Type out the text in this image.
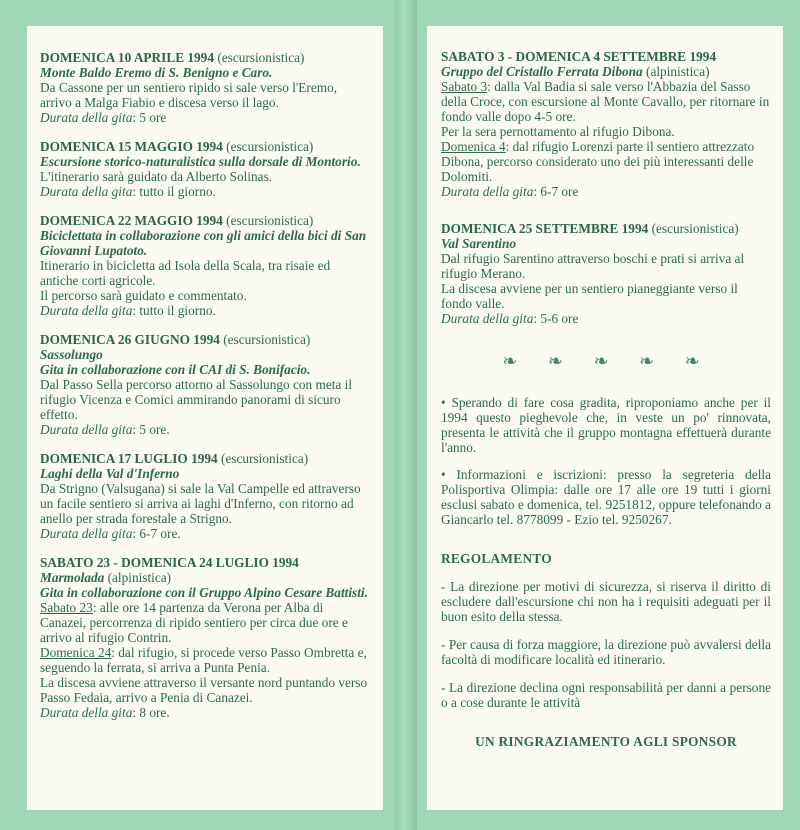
DOMENICA 10 APRILE 1994 (escursionistica)

Monte Baldo Eremo di S. Benigno e Caro.

Da Cassone per un sentiero ripido si sale verso l'Eremo, arrivo a Malga Fiabio e discesa verso il lago.

Durata della gita: 5 ore

DOMENICA 15 MAGGIO 1994 (escursionistica)

Escursione storico-naturalistica sulla dorsale di Montorio.

L'itinerario sarà guidato da Alberto Solinas.

Durata della gita: tutto il giorno.

DOMENICA 22 MAGGIO 1994 (escursionistica)

Biciclettata in collaborazione con gli amici della bici di San Giovanni Lupatoto.

Itinerario in bicicletta ad Isola della Scala, tra risaie ed antiche corti agricole.

Il percorso sarà guidato e commentato.

Durata della gita: tutto il giorno.

DOMENICA 26 GIUGNO 1994 (escursionistica)

Sassolungo

Gita in collaborazione con il CAI di S. Bonifacio.

Dal Passo Sella percorso attorno al Sassolungo con meta il rifugio Vicenza e Comici ammirando panorami di sicuro effetto.

Durata della gita: 5 ore.

DOMENICA 17 LUGLIO 1994 (escursionistica)

Laghi della Val d'Inferno

Da Strigno (Valsugana) si sale la Val Campelle ed attraverso un facile sentiero si arriva ai laghi d'Inferno, con ritorno ad anello per strada forestale a Strigno.

Durata della gita: 6-7 ore.

SABATO 23 - DOMENICA 24 LUGLIO 1994

Marmolada (alpinistica)

Gita in collaborazione con il Gruppo Alpino Cesare Battisti.

Sabato 23: alle ore 14 partenza da Verona per Alba di Canazei, percorrenza di ripido sentiero per circa due ore e arrivo al rifugio Contrin.

Domenica 24: dal rifugio, si procede verso Passo Ombretta e, seguendo la ferrata, si arriva a Punta Penia.

La discesa avviene attraverso il versante nord puntando verso Passo Fedaia, arrivo a Penia di Canazei.

Durata della gita: 8 ore.

SABATO 3 - DOMENICA 4 SETTEMBRE 1994

Gruppo del Cristallo Ferrata Dibona (alpinistica)

Sabato 3: dalla Val Badia si sale verso l'Abbazia del Sasso della Croce, con escursione al Monte Cavallo, per ritornare in fondo valle dopo 4-5 ore.

Per la sera pernottamento al rifugio Dibona.

Domenica 4: dal rifugio Lorenzi parte il sentiero attrezzato Dibona, percorso considerato uno dei più interessanti delle Dolomiti.

Durata della gita: 6-7 ore

DOMENICA 25 SETTEMBRE 1994 (escursionistica)

Val Sarentino

Dal rifugio Sarentino attraverso boschi e prati si arriva al rifugio Merano.

La discesa avviene per un sentiero pianeggiante verso il fondo valle.

Durata della gita: 5-6 ore

❧ ❧ ❧ ❧ ❧

• Sperando di fare cosa gradita, riproponiamo anche per il 1994 questo pieghevole che, in veste un po' rinnovata, presenta le attività che il gruppo montagna effettuerà durante l'anno.

• Informazioni e iscrizioni: presso la segreteria della Polisportiva Olimpia: dalle ore 17 alle ore 19 tutti i giorni esclusi sabato e domenica, tel. 9251812, oppure telefonando a Giancarlo tel. 8778099 - Ezio tel. 9250267.

REGOLAMENTO

- La direzione per motivi di sicurezza, si riserva il diritto di escludere dall'escursione chi non ha i requisiti adeguati per il buon esito della stessa.

- Per causa di forza maggiore, la direzione può avvalersi della facoltà di modificare località ed itinerario.

- La direzione declina ogni responsabilità per danni a persone o a cose durante le attività

UN RINGRAZIAMENTO AGLI SPONSOR
